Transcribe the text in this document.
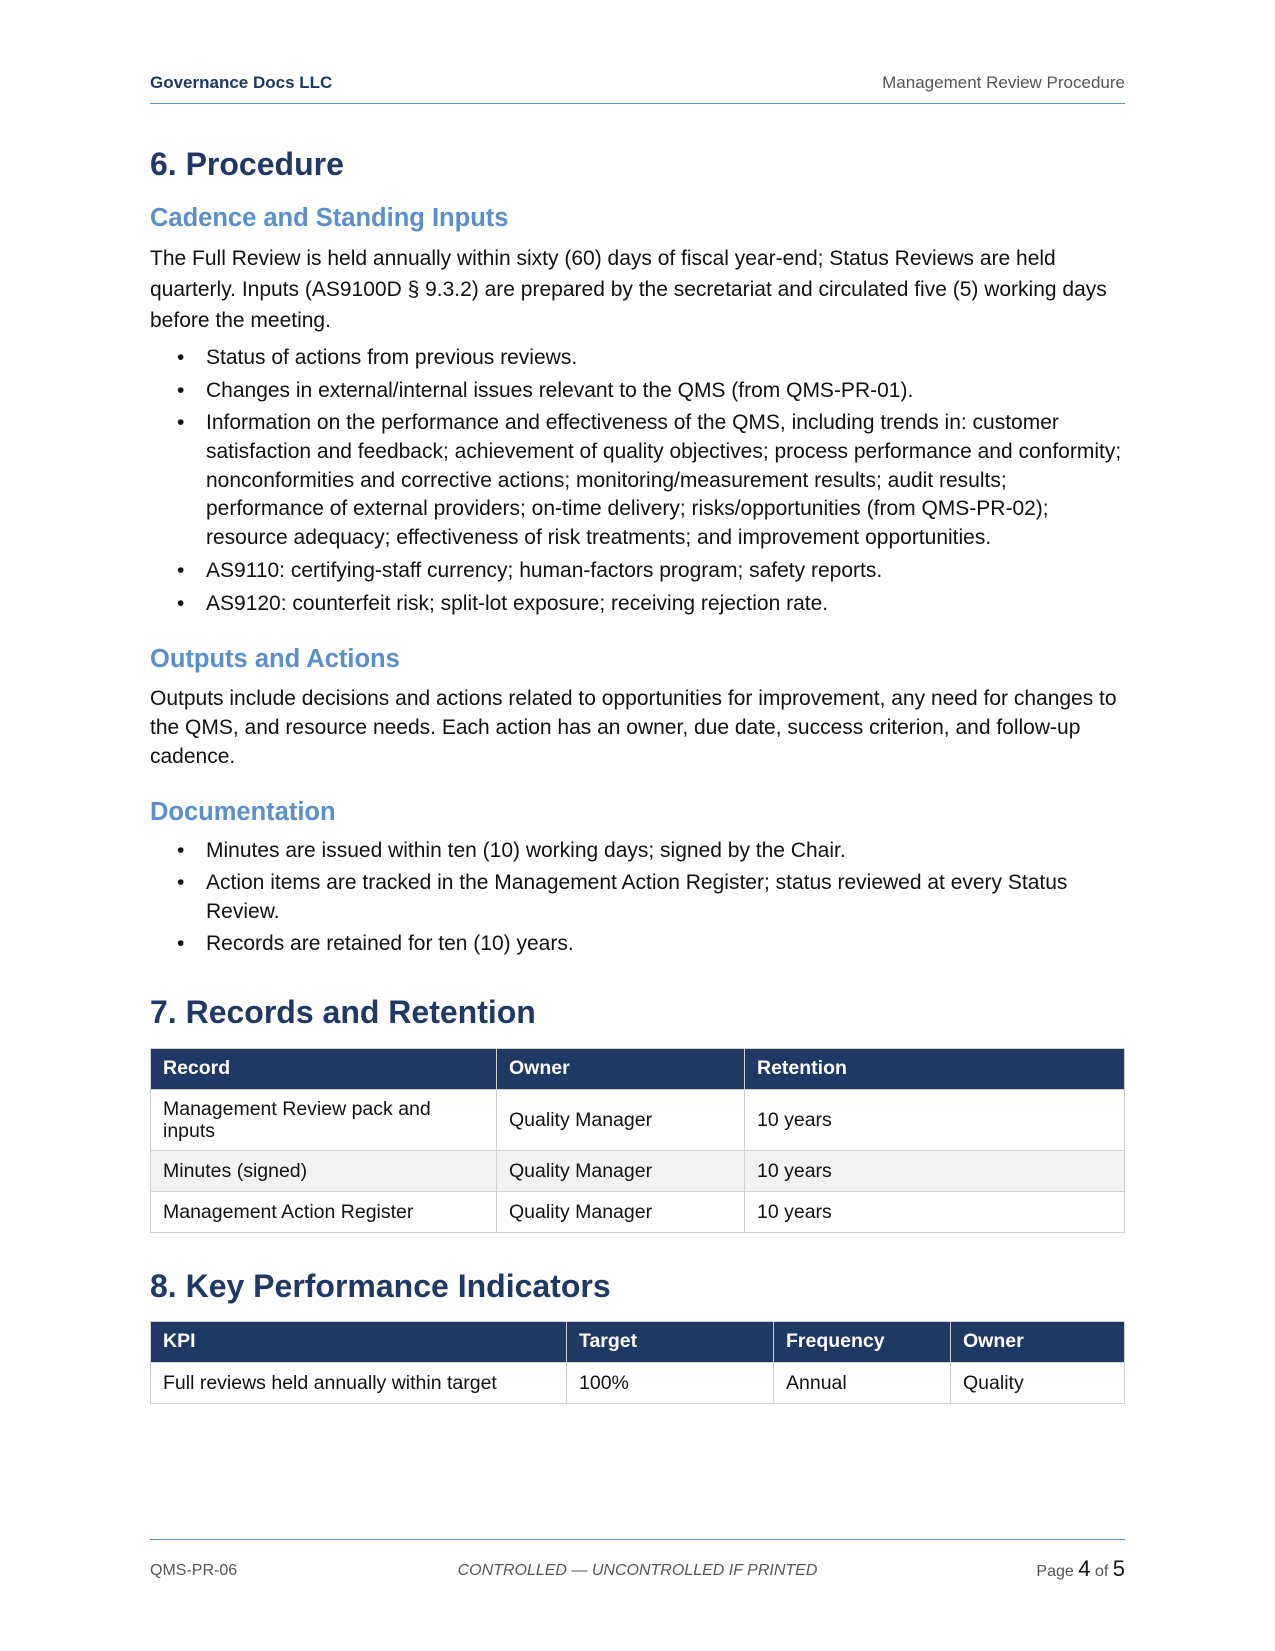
Governance Docs LLC	Management Review Procedure
6. Procedure
Cadence and Standing Inputs

The Full Review is held annually within sixty (60) days of fiscal year-end; Status Reviews are held quarterly. Inputs (AS9100D § 9.3.2) are prepared by the secretariat and circulated five (5) working days before the meeting.

• Status of actions from previous reviews.
• Changes in external/internal issues relevant to the QMS (from QMS-PR-01).
• Information on the performance and effectiveness of the QMS, including trends in: customer satisfaction and feedback; achievement of quality objectives; process performance and conformity; nonconformities and corrective actions; monitoring/measurement results; audit results; performance of external providers; on-time delivery; risks/opportunities (from QMS-PR-02); resource adequacy; effectiveness of risk treatments; and improvement opportunities.
• AS9110: certifying-staff currency; human-factors program; safety reports.
• AS9120: counterfeit risk; split-lot exposure; receiving rejection rate.
Outputs and Actions

Outputs include decisions and actions related to opportunities for improvement, any need for changes to the QMS, and resource needs. Each action has an owner, due date, success criterion, and follow-up cadence.

Documentation
• Minutes are issued within ten (10) working days; signed by the Chair.
• Action items are tracked in the Management Action Register; status reviewed at every Status Review.
• Records are retained for ten (10) years.
7. Records and Retention
Record	Owner	Retention
Management Review pack and inputs	Quality Manager	10 years
Minutes (signed)	Quality Manager	10 years
Management Action Register	Quality Manager	10 years
8. Key Performance Indicators
KPI	Target	Frequency	Owner
Full reviews held annually within target	100%	Annual	Quality
QMS-PR-06	CONTROLLED — UNCONTROLLED IF PRINTED	Page 4 of 5
